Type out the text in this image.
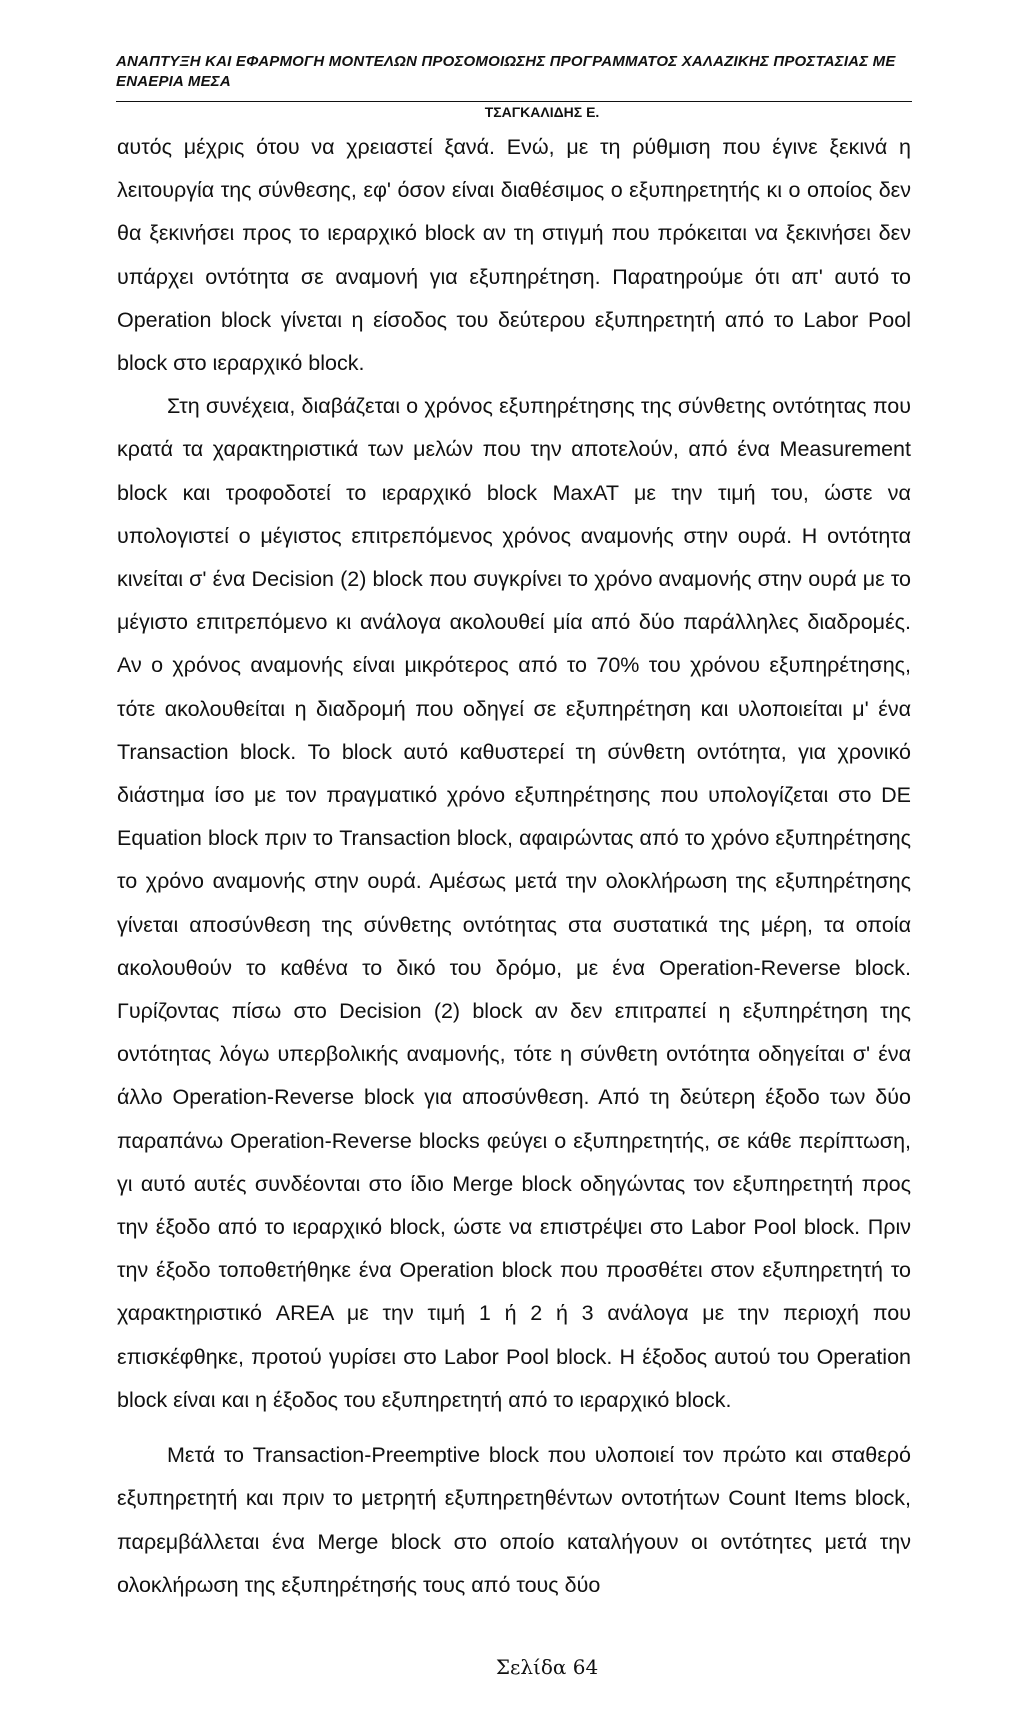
ΑΝΑΠΤΥΞΗ ΚΑΙ ΕΦΑΡΜΟΓΗ ΜΟΝΤΕΛΩΝ ΠΡΟΣΟΜΟΙΩΣΗΣ ΠΡΟΓΡΑΜΜΑΤΟΣ ΧΑΛΑΖΙΚΗΣ ΠΡΟΣΤΑΣΙΑΣ ΜΕ ΕΝΑΕΡΙΑ ΜΕΣΑ

ΤΣΑΓΚΑΛΙΔΗΣ Ε.

αυτός μέχρις ότου να χρειαστεί ξανά. Ενώ, με τη ρύθμιση που έγινε ξεκινά η λειτουργία της σύνθεσης, εφ' όσον είναι διαθέσιμος ο εξυπηρετητής κι ο οποίος δεν θα ξεκινήσει προς το ιεραρχικό block αν τη στιγμή που πρόκειται να ξεκινήσει δεν υπάρχει οντότητα σε αναμονή για εξυπηρέτηση. Παρατηρούμε ότι απ' αυτό το Operation block γίνεται η είσοδος του δεύτερου εξυπηρετητή από το Labor Pool block στο ιεραρχικό block.

Στη συνέχεια, διαβάζεται ο χρόνος εξυπηρέτησης της σύνθετης οντότητας που κρατά τα χαρακτηριστικά των μελών που την αποτελούν, από ένα Measurement block και τροφοδοτεί το ιεραρχικό block MaxAT με την τιμή του, ώστε να υπολογιστεί ο μέγιστος επιτρεπόμενος χρόνος αναμονής στην ουρά. Η οντότητα κινείται σ' ένα Decision (2) block που συγκρίνει το χρόνο αναμονής στην ουρά με το μέγιστο επιτρεπόμενο κι ανάλογα ακολουθεί μία από δύο παράλληλες διαδρομές. Αν ο χρόνος αναμονής είναι μικρότερος από το 70% του χρόνου εξυπηρέτησης, τότε ακολουθείται η διαδρομή που οδηγεί σε εξυπηρέτηση και υλοποιείται μ' ένα Transaction block. Το block αυτό καθυστερεί τη σύνθετη οντότητα, για χρονικό διάστημα ίσο με τον πραγματικό χρόνο εξυπηρέτησης που υπολογίζεται στο DE Equation block πριν το Transaction block, αφαιρώντας από το χρόνο εξυπηρέτησης το χρόνο αναμονής στην ουρά. Αμέσως μετά την ολοκλήρωση της εξυπηρέτησης γίνεται αποσύνθεση της σύνθετης οντότητας στα συστατικά της μέρη, τα οποία ακολουθούν το καθένα το δικό του δρόμο, με ένα Operation-Reverse block. Γυρίζοντας πίσω στο Decision (2) block αν δεν επιτραπεί η εξυπηρέτηση της οντότητας λόγω υπερβολικής αναμονής, τότε η σύνθετη οντότητα οδηγείται σ' ένα άλλο Operation-Reverse block για αποσύνθεση. Από τη δεύτερη έξοδο των δύο παραπάνω Operation-Reverse blocks φεύγει ο εξυπηρετητής, σε κάθε περίπτωση, γι αυτό αυτές συνδέονται στο ίδιο Merge block οδηγώντας τον εξυπηρετητή προς την έξοδο από το ιεραρχικό block, ώστε να επιστρέψει στο Labor Pool block. Πριν την έξοδο τοποθετήθηκε ένα Operation block που προσθέτει στον εξυπηρετητή το χαρακτηριστικό AREA με την τιμή 1 ή 2 ή 3 ανάλογα με την περιοχή που επισκέφθηκε, προτού γυρίσει στο Labor Pool block. Η έξοδος αυτού του Operation block είναι και η έξοδος του εξυπηρετητή από το ιεραρχικό block.

Μετά το Transaction-Preemptive block που υλοποιεί τον πρώτο και σταθερό εξυπηρετητή και πριν το μετρητή εξυπηρετηθέντων οντοτήτων Count Items block, παρεμβάλλεται ένα Merge block στο οποίο καταλήγουν οι οντότητες μετά την ολοκλήρωση της εξυπηρέτησής τους από τους δύο

Σελίδα 64
